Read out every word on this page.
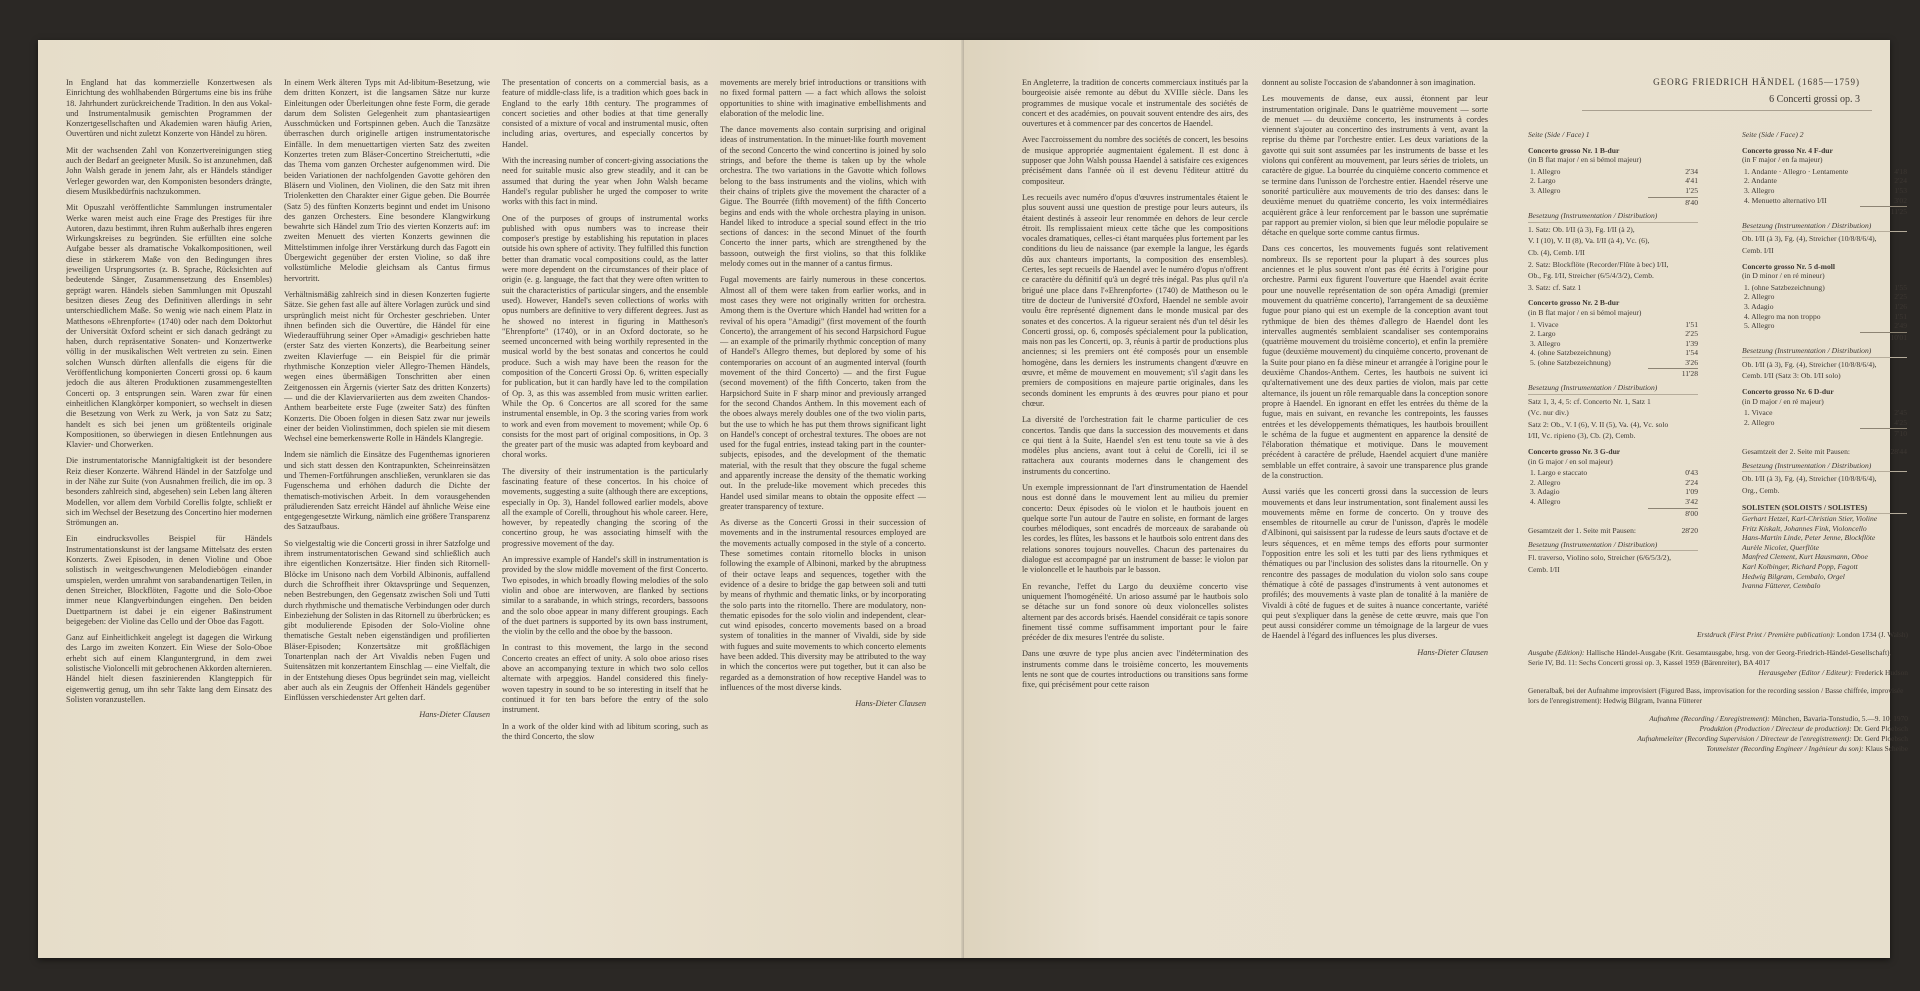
In England hat das kommerzielle Konzertwesen als Einrichtung des wohlhabenden Bürgertums eine bis ins frühe 18. Jahrhundert zurückreichende Tradition. In den aus Vokal- und Instrumentalmusik gemischten Programmen der Konzertgesellschaften und Akademien waren häufig Arien, Ouvertüren und nicht zuletzt Konzerte von Händel zu hören.

Mit der wachsenden Zahl von Konzertvereinigungen stieg auch der Bedarf an geeigneter Musik. So ist anzunehmen, daß John Walsh gerade in jenem Jahr, als er Händels ständiger Verleger geworden war, den Komponisten besonders drängte, diesem Musikbedürfnis nachzukommen.

Mit Opuszahl veröffentlichte Sammlungen instrumentaler Werke waren meist auch eine Frage des Prestiges für ihre Autoren, dazu bestimmt, ihren Ruhm außerhalb ihres engeren Wirkungskreises zu begründen. Sie erfüllten eine solche Aufgabe besser als dramatische Vokalkompositionen, weil diese in stärkerem Maße von den Bedingungen ihres jeweiligen Ursprungsortes (z. B. Sprache, Rücksichten auf bedeutende Sänger, Zusammensetzung des Ensembles) geprägt waren. Händels sieben Sammlungen mit Opuszahl besitzen dieses Zeug des Definitiven allerdings in sehr unterschiedlichem Maße. So wenig wie nach einem Platz in Matthesons »Ehrenpforte« (1740) oder nach dem Doktorhut der Universität Oxford scheint er sich danach gedrängt zu haben, durch repräsentative Sonaten- und Konzertwerke völlig in der musikalischen Welt vertreten zu sein. Einen solchen Wunsch dürften allenfalls die eigens für die Veröffentlichung komponierten Concerti grossi op. 6 kaum jedoch die aus älteren Produktionen zusammengestellten Concerti op. 3 entsprungen sein. Waren zwar für einen einheitlichen Klangkörper komponiert, so wechselt in diesen die Besetzung von Werk zu Werk, ja von Satz zu Satz; handelt es sich bei jenen um größtenteils originale Kompositionen, so überwiegen in diesen Entlehnungen aus Klavier- und Chorwerken.

Die instrumentatorische Mannigfaltigkeit ist der besondere Reiz dieser Konzerte. Während Händel in der Satzfolge und in der Nähe zur Suite (von Ausnahmen freilich, die im op. 3 besonders zahlreich sind, abgesehen) sein Leben lang älteren Modellen, vor allem dem Vorbild Corellis folgte, schließt er sich im Wechsel der Besetzung des Concertino hier modernen Strömungen an.

Ein eindrucksvolles Beispiel für Händels Instrumentationskunst ist der langsame Mittelsatz des ersten Konzerts. Zwei Episoden, in denen Violine und Oboe solistisch in weitgeschwungenen Melodiebögen einander umspielen, werden umrahmt von sarabandenartigen Teilen, in denen Streicher, Blockflöten, Fagotte und die Solo-Oboe immer neue Klangverbindungen eingehen. Den beiden Duettpartnern ist dabei je ein eigener Baßinstrument beigegeben: der Violine das Cello und der Oboe das Fagott.

Ganz auf Einheitlichkeit angelegt ist dagegen die Wirkung des Largo im zweiten Konzert. Ein Wiese der Solo-Oboe erhebt sich auf einem Klanguntergrund, in dem zwei solistische Violoncelli mit gebrochenen Akkorden alternieren. Händel hielt diesen faszinierenden Klangteppich für eigenwertig genug, um ihn sehr Takte lang dem Einsatz des Solisten voranzustellen.

In einem Werk älteren Typs mit Ad-libitum-Besetzung, wie dem dritten Konzert, ist die langsamen Sätze nur kurze Einleitungen oder Überleitungen ohne feste Form, die gerade darum dem Solisten Gelegenheit zum phantasieartigen Ausschmücken und Fortspinnen geben. Auch die Tanzsätze überraschen durch originelle artigen instrumentatorische Einfälle. In dem menuettartigen vierten Satz des zweiten Konzertes treten zum Bläser-Concertino Streichertutti, »die das Thema vom ganzen Orchester aufgenommen wird. Die beiden Variationen der nachfolgenden Gavotte gehören den Bläsern und Violinen, den Violinen, die den Satz mit ihren Triolenketten den Charakter einer Gigue geben. Die Bourrée (Satz 5) des fünften Konzerts beginnt und endet im Unisono des ganzen Orchesters. Eine besondere Klangwirkung bewahrte sich Händel zum Trio des vierten Konzerts auf: im zweiten Menuett des vierten Konzerts gewinnen die Mittelstimmen infolge ihrer Verstärkung durch das Fagott ein Übergewicht gegenüber der ersten Violine, so daß ihre volkstümliche Melodie gleichsam als Cantus firmus hervortritt.

Verhältnismäßig zahlreich sind in diesen Konzerten fugierte Sätze. Sie gehen fast alle auf ältere Vorlagen zurück und sind ursprünglich meist nicht für Orchester geschrieben. Unter ihnen befinden sich die Ouvertüre, die Händel für eine Wiederaufführung seiner Oper »Amadigi« geschrieben hatte (erster Satz des vierten Konzerts), die Bearbeitung seiner zweiten Klavierfuge — ein Beispiel für die primär rhythmische Konzeption vieler Allegro-Themen Händels, wegen eines übermäßigen Tonschritten aber einen Zeitgenossen ein Ärgernis (vierter Satz des dritten Konzerts) — und die der Klaviervariierten aus dem zweiten Chandos-Anthem bearbeitete erste Fuge (zweiter Satz) des fünften Konzerts. Die Oboen folgen in diesen Satz zwar nur jeweils einer der beiden Violinstimmen, doch spielen sie mit diesem Wechsel eine bemerkenswerte Rolle in Händels Klangregie.

Indem sie nämlich die Einsätze des Fugenthemas ignorieren und sich statt dessen den Kontrapunkten, Scheinreinsätzen und Themen-Fortführungen anschließen, verunklaren sie das Fugenschema und erhöhen dadurch die Dichte der thematisch-motivischen Arbeit. In dem vorausgehenden präludierenden Satz erreicht Händel auf ähnliche Weise eine entgegengesetzte Wirkung, nämlich eine größere Transparenz des Satzaufbaus.

So vielgestaltig wie die Concerti grossi in ihrer Satzfolge und ihrem instrumentatorischen Gewand sind schließlich auch ihre eigentlichen Konzertsätze. Hier finden sich Ritornell-Blöcke im Unisono nach dem Vorbild Albinonis, auffallend durch die Schroffheit ihrer Oktavsprünge und Sequenzen, neben Bestrebungen, den Gegensatz zwischen Soli und Tutti durch rhythmische und thematische Verbindungen oder durch Einbeziehung der Solisten in das Ritornell zu überbrücken; es gibt modulierende Episoden der Solo-Violine ohne thematische Gestalt neben eigenständigen und profilierten Bläser-Episoden; Konzertsätze mit großflächigen Tonartenplan nach der Art Vivaldis neben Fugen und Suitensätzen mit konzertantem Einschlag — eine Vielfalt, die in der Entstehung dieses Opus begründet sein mag, vielleicht aber auch als ein Zeugnis der Offenheit Händels gegenüber Einflüssen verschiedenster Art gelten darf.

Hans-Dieter Clausen

The presentation of concerts on a commercial basis, as a feature of middle-class life, is a tradition which goes back in England to the early 18th century. The programmes of concert societies and other bodies at that time generally consisted of a mixture of vocal and instrumental music, often including arias, overtures, and especially concertos by Handel.

With the increasing number of concert-giving associations the need for suitable music also grew steadily, and it can be assumed that during the year when John Walsh became Handel's regular publisher he urged the composer to write works with this fact in mind.

One of the purposes of groups of instrumental works published with opus numbers was to increase their composer's prestige by establishing his reputation in places outside his own sphere of activity. They fulfilled this function better than dramatic vocal compositions could, as the latter were more dependent on the circumstances of their place of origin (e. g. language, the fact that they were often written to suit the characteristics of particular singers, and the ensemble used). However, Handel's seven collections of works with opus numbers are definitive to very different degrees. Just as he showed no interest in figuring in Mattheson's "Ehrenpforte" (1740), or in an Oxford doctorate, so he seemed unconcerned with being worthily represented in the musical world by the best sonatas and concertos he could produce. Such a wish may have been the reason for the composition of the Concerti Grossi Op. 6, written especially for publication, but it can hardly have led to the compilation of Op. 3, as this was assembled from music written earlier. While the Op. 6 Concertos are all scored for the same instrumental ensemble, in Op. 3 the scoring varies from work to work and even from movement to movement; while Op. 6 consists for the most part of original compositions, in Op. 3 the greater part of the music was adapted from keyboard and choral works.

The diversity of their instrumentation is the particularly fascinating feature of these concertos. In his choice of movements, suggesting a suite (although there are exceptions, especially in Op. 3), Handel followed earlier models, above all the example of Corelli, throughout his whole career. Here, however, by repeatedly changing the scoring of the concertino group, he was associating himself with the progressive movement of the day.

An impressive example of Handel's skill in instrumentation is provided by the slow middle movement of the first Concerto. Two episodes, in which broadly flowing melodies of the solo violin and oboe are interwoven, are flanked by sections similar to a sarabande, in which strings, recorders, bassoons and the solo oboe appear in many different groupings. Each of the duet partners is supported by its own bass instrument, the violin by the cello and the oboe by the bassoon.

In contrast to this movement, the largo in the second Concerto creates an effect of unity. A solo oboe arioso rises above an accompanying texture in which two solo cellos alternate with arpeggios. Handel considered this finely-woven tapestry in sound to be so interesting in itself that he continued it for ten bars before the entry of the solo instrument.

In a work of the older kind with ad libitum scoring, such as the third Concerto, the slow

movements are merely brief introductions or transitions with no fixed formal pattern — a fact which allows the soloist opportunities to shine with imaginative embellishments and elaboration of the melodic line.

The dance movements also contain surprising and original ideas of instrumentation. In the minuet-like fourth movement of the second Concerto the wind concertino is joined by solo strings, and before the theme is taken up by the whole orchestra. The two variations in the Gavotte which follows belong to the bass instruments and the violins, which with their chains of triplets give the movement the character of a Gigue. The Bourrée (fifth movement) of the fifth Concerto begins and ends with the whole orchestra playing in unison. Handel liked to introduce a special sound effect in the trio sections of dances: in the second Minuet of the fourth Concerto the inner parts, which are strengthened by the bassoon, outweigh the first violins, so that this folklike melody comes out in the manner of a cantus firmus.

Fugal movements are fairly numerous in these concertos. Almost all of them were taken from earlier works, and in most cases they were not originally written for orchestra. Among them is the Overture which Handel had written for a revival of his opera "Amadigi" (first movement of the fourth Concerto), the arrangement of his second Harpsichord Fugue — an example of the primarily rhythmic conception of many of Handel's Allegro themes, but deplored by some of his contemporaries on account of an augmented interval (fourth movement of the third Concerto) — and the first Fugue (second movement) of the fifth Concerto, taken from the Harpsichord Suite in F sharp minor and previously arranged for the second Chandos Anthem. In this movement each of the oboes always merely doubles one of the two violin parts, but the use to which he has put them throws significant light on Handel's concept of orchestral textures. The oboes are not used for the fugal entries, instead taking part in the counter-subjects, episodes, and the development of the thematic material, with the result that they obscure the fugal scheme and apparently increase the density of the thematic working out. In the prelude-like movement which precedes this Handel used similar means to obtain the opposite effect — greater transparency of texture.

As diverse as the Concerti Grossi in their succession of movements and in the instrumental resources employed are the movements actually composed in the style of a concerto. These sometimes contain ritornello blocks in unison following the example of Albinoni, marked by the abruptness of their octave leaps and sequences, together with the evidence of a desire to bridge the gap between soli and tutti by means of rhythmic and thematic links, or by incorporating the solo parts into the ritornello. There are modulatory, non-thematic episodes for the solo violin and independent, clear-cut wind episodes, concerto movements based on a broad system of tonalities in the manner of Vivaldi, side by side with fugues and suite movements to which concerto elements have been added. This diversity may be attributed to the way in which the concertos were put together, but it can also be regarded as a demonstration of how receptive Handel was to influences of the most diverse kinds.

Hans-Dieter Clausen

En Angleterre, la tradition de concerts commerciaux institués par la bourgeoisie aisée remonte au début du XVIIIe siècle. Dans les programmes de musique vocale et instrumentale des sociétés de concert et des académies, on pouvait souvent entendre des airs, des ouvertures et à commencer par des concertos de Haendel.

Avec l'accroissement du nombre des sociétés de concert, les besoins de musique appropriée augmentaient également. Il est donc à supposer que John Walsh poussa Haendel à satisfaire ces exigences précisément dans l'année où il est devenu l'éditeur attitré du compositeur.

Les recueils avec numéro d'opus d'œuvres instrumentales étaient le plus souvent aussi une question de prestige pour leurs auteurs, ils étaient destinés à asseoir leur renommée en dehors de leur cercle étroit. Ils remplissaient mieux cette tâche que les compositions vocales dramatiques, celles-ci étant marquées plus fortement par les conditions du lieu de naissance (par exemple la langue, les égards dûs aux chanteurs importants, la composition des ensembles). Certes, les sept recueils de Haendel avec le numéro d'opus n'offrent ce caractère du définitif qu'à un degré très inégal. Pas plus qu'il n'a brigué une place dans l'«Ehrenpforte» (1740) de Mattheson ou le titre de docteur de l'université d'Oxford, Haendel ne semble avoir voulu être représenté dignement dans le monde musical par des sonates et des concertos. A la rigueur seraient nés d'un tel désir les Concerti grossi, op. 6, composés spécialement pour la publication, mais non pas les Concerti, op. 3, réunis à partir de productions plus anciennes; si les premiers ont été composés pour un ensemble homogène, dans les derniers les instruments changent d'œuvre en œuvre, et même de mouvement en mouvement; s'il s'agit dans les premiers de compositions en majeure partie originales, dans les seconds dominent les emprunts à des œuvres pour piano et pour chœur.

La diversité de l'orchestration fait le charme particulier de ces concertos. Tandis que dans la succession des mouvements et dans ce qui tient à la Suite, Haendel s'en est tenu toute sa vie à des modèles plus anciens, avant tout à celui de Corelli, ici il se rattachera aux courants modernes dans le changement des instruments du concertino.

Un exemple impressionnant de l'art d'instrumentation de Haendel nous est donné dans le mouvement lent au milieu du premier concerto: Deux épisodes où le violon et le hautbois jouent en quelque sorte l'un autour de l'autre en soliste, en formant de larges courbes mélodiques, sont encadrés de morceaux de sarabande où les cordes, les flûtes, les bassons et le hautbois solo entrent dans des relations sonores toujours nouvelles. Chacun des partenaires du dialogue est accompagné par un instrument de basse: le violon par le violoncelle et le hautbois par le basson.

En revanche, l'effet du Largo du deuxième concerto vise uniquement l'homogénéité. Un arioso assumé par le hautbois solo se détache sur un fond sonore où deux violoncelles solistes alternent par des accords brisés. Haendel considérait ce tapis sonore finement tissé comme suffisamment important pour le faire précéder de dix mesures l'entrée du soliste.

Dans une œuvre de type plus ancien avec l'indétermination des instruments comme dans le troisième concerto, les mouvements lents ne sont que de courtes introductions ou transitions sans forme fixe, qui précisément pour cette raison

donnent au soliste l'occasion de s'abandonner à son imagination.

Les mouvements de danse, eux aussi, étonnent par leur instrumentation originale. Dans le quatrième mouvement — sorte de menuet — du deuxième concerto, les instruments à cordes viennent s'ajouter au concertino des instruments à vent, avant la reprise du thème par l'orchestre entier. Les deux variations de la gavotte qui suit sont assumées par les instruments de basse et les violons qui confèrent au mouvement, par leurs séries de triolets, un caractère de gigue. La bourrée du cinquième concerto commence et se termine dans l'unisson de l'orchestre entier. Haendel réserve une sonorité particulière aux mouvements de trio des danses: dans le deuxième menuet du quatrième concerto, les voix intermédiaires acquièrent grâce à leur renforcement par le basson une suprématie par rapport au premier violon, si bien que leur mélodie populaire se détache en quelque sorte comme cantus firmus.

Dans ces concertos, les mouvements fugués sont relativement nombreux. Ils se reportent pour la plupart à des sources plus anciennes et le plus souvent n'ont pas été écrits à l'origine pour orchestre. Parmi eux figurent l'ouverture que Haendel avait écrite pour une nouvelle représentation de son opéra Amadigi (premier mouvement du quatrième concerto), l'arrangement de sa deuxième fugue pour piano qui est un exemple de la conception avant tout rythmique de bien des thèmes d'allegro de Haendel dont les intervalles augmentés semblaient scandaliser ses contemporains (quatrième mouvement du troisième concerto), et enfin la première fugue (deuxième mouvement) du cinquième concerto, provenant de la Suite pour piano en fa dièse mineur et arrangée à l'origine pour le deuxième Chandos-Anthem. Certes, les hautbois ne suivent ici qu'alternativement une des deux parties de violon, mais par cette alternance, ils jouent un rôle remarquable dans la conception sonore propre à Haendel. En ignorant en effet les entrées du thème de la fugue, mais en suivant, en revanche les contrepoints, les fausses entrées et les développements thématiques, les hautbois brouillent le schéma de la fugue et augmentent en apparence la densité de l'élaboration thématique et motivique. Dans le mouvement précédent à caractère de prélude, Haendel acquiert d'une manière semblable un effet contraire, à savoir une transparence plus grande de la construction.

Aussi variés que les concerti grossi dans la succession de leurs mouvements et dans leur instrumentation, sont finalement aussi les mouvements même en forme de concerto. On y trouve des ensembles de ritournelle au cœur de l'unisson, d'après le modèle d'Albinoni, qui saisissent par la rudesse de leurs sauts d'octave et de leurs séquences, et en même temps des efforts pour surmonter l'opposition entre les soli et les tutti par des liens rythmiques et thématiques ou par l'inclusion des solistes dans la ritournelle. On y rencontre des passages de modulation du violon solo sans coupe thématique à côté de passages d'instruments à vent autonomes et profilés; des mouvements à vaste plan de tonalité à la manière de Vivaldi à côté de fugues et de suites à nuance concertante, variété qui peut s'expliquer dans la genèse de cette œuvre, mais que l'on peut aussi considérer comme un témoignage de la largeur de vues de Haendel à l'égard des influences les plus diverses.

Hans-Dieter Clausen

GEORG FRIEDRICH HÄNDEL (1685—1759)
6 Concerti grossi op. 3
Seite (Side / Face) 1
Concerto grosso Nr. 1 B-dur
(in B flat major / en si bémol majeur)
1. Allegro	2'34
2. Largo	4'41
3. Allegro	1'25
8'40
Besetzung (Instrumentation / Distribution)
1. Satz: Ob. I/II (à 3), Fg. I/II (à 2),
V. I (10), V. II (8), Va. I/II (à 4), Vc. (6),
Cb. (4), Cemb. I/II
2. Satz: Blockflöte (Recorder/Flûte à bec) I/II,
Ob., Fg. I/II, Streicher (6/5/4/3/2), Cemb.
3. Satz: cf. Satz 1
Concerto grosso Nr. 2 B-dur
(in B flat major / en si bémol majeur)
1. Vivace	1'51
2. Largo	2'25
3. Allegro	1'39
4. (ohne Satzbezeichnung)	1'54
5. (ohne Satzbezeichnung)	3'26
11'28
Besetzung (Instrumentation / Distribution)
Satz 1, 3, 4, 5: cf. Concerto Nr. 1, Satz 1
(Vc. nur div.)
Satz 2: Ob., V. I (6), V. II (5), Va. (4), Vc. solo
I/II, Vc. ripieno (3), Cb. (2), Cemb.
Concerto grosso Nr. 3 G-dur
(in G major / en sol majeur)
1. Largo e staccato	0'43
2. Allegro	2'24
3. Adagio	1'09
4. Allegro	3'42
8'00
Gesamtzeit der 1. Seite mit Pausen:	28'20
Besetzung (Instrumentation / Distribution)
Fl. traverso, Violino solo, Streicher (6/6/5/3/2),
Cemb. I/II
Seite (Side / Face) 2
Concerto grosso Nr. 4 F-dur
(in F major / en fa majeur)
1. Andante · Allegro · Lentamente	4'18
2. Andante	2'24
3. Allegro	1'53
4. Menuetto alternativo I/II	3'02
11'25
Besetzung (Instrumentation / Distribution)
Ob. I/II (à 3), Fg. (4), Streicher (10/8/8/6/4),
Cemb. I/II
Concerto grosso Nr. 5 d-moll
(in D minor / en ré mineur)
1. (ohne Satzbezeichnung)	1'55
2. Allegro	2'25
3. Adagio	1'26
4. Allegro ma non troppo	1'51
5. Allegro	2'49
10'01
Besetzung (Instrumentation / Distribution)
Ob. I/II (à 3), Fg. (4), Streicher (10/8/8/6/4),
Cemb. I/II (Satz 3: Ob. I/II solo)
Concerto grosso Nr. 6 D-dur
(in D major / en ré majeur)
1. Vivace	2'45
2. Allegro	4'25
7'10
Gesamtzeit der 2. Seite mit Pausen:	28'44
Besetzung (Instrumentation / Distribution)
Ob. I/II (à 3), Fg. (4), Streicher (10/8/8/6/4),
Org., Cemb.
SOLISTEN (SOLOISTS / SOLISTES)
Gerhart Hetzel, Karl-Christian Stier, Violine
Fritz Kiskalt, Johannes Fink, Violoncello
Hans-Martin Linde, Peter Jenne, Blockflöte
Aurèle Nicolet, Querflöte
Manfred Clement, Kurt Hausmann, Oboe
Karl Kolbinger, Richard Popp, Fagott
Hedwig Bilgram, Cembalo, Orgel
Ivanna Fütterer, Cembalo
Erstdruck (First Print / Première publication): London 1734 (J. Walsh)
Ausgabe (Edition): Hallische Händel-Ausgabe (Krit. Gesamtausgabe, hrsg. von der Georg-Friedrich-Händel-Gesellschaft), Serie IV, Bd. 11: Sechs Concerti grossi op. 3, Kassel 1959 (Bärenreiter), BA 4017
Herausgeber (Editor / Editeur): Frederick Hudson
Generalbaß, bei der Aufnahme improvisiert (Figured Bass, improvisation for the recording session / Basse chiffrée, improvisée lors de l'enregistrement): Hedwig Bilgram, Ivanna Fütterer
Aufnahme (Recording / Enregistrement): München, Bavaria-Tonstudio, 5.—9. 10. 1970
Produktion (Production / Directeur de production): Dr. Gerd Ploebsch
Aufnahmeleiter (Recording Supervision / Directeur de l'enregistrement): Dr. Gerd Ploebsch
Tonmeister (Recording Engineer / Ingénieur du son): Klaus Scheibe
